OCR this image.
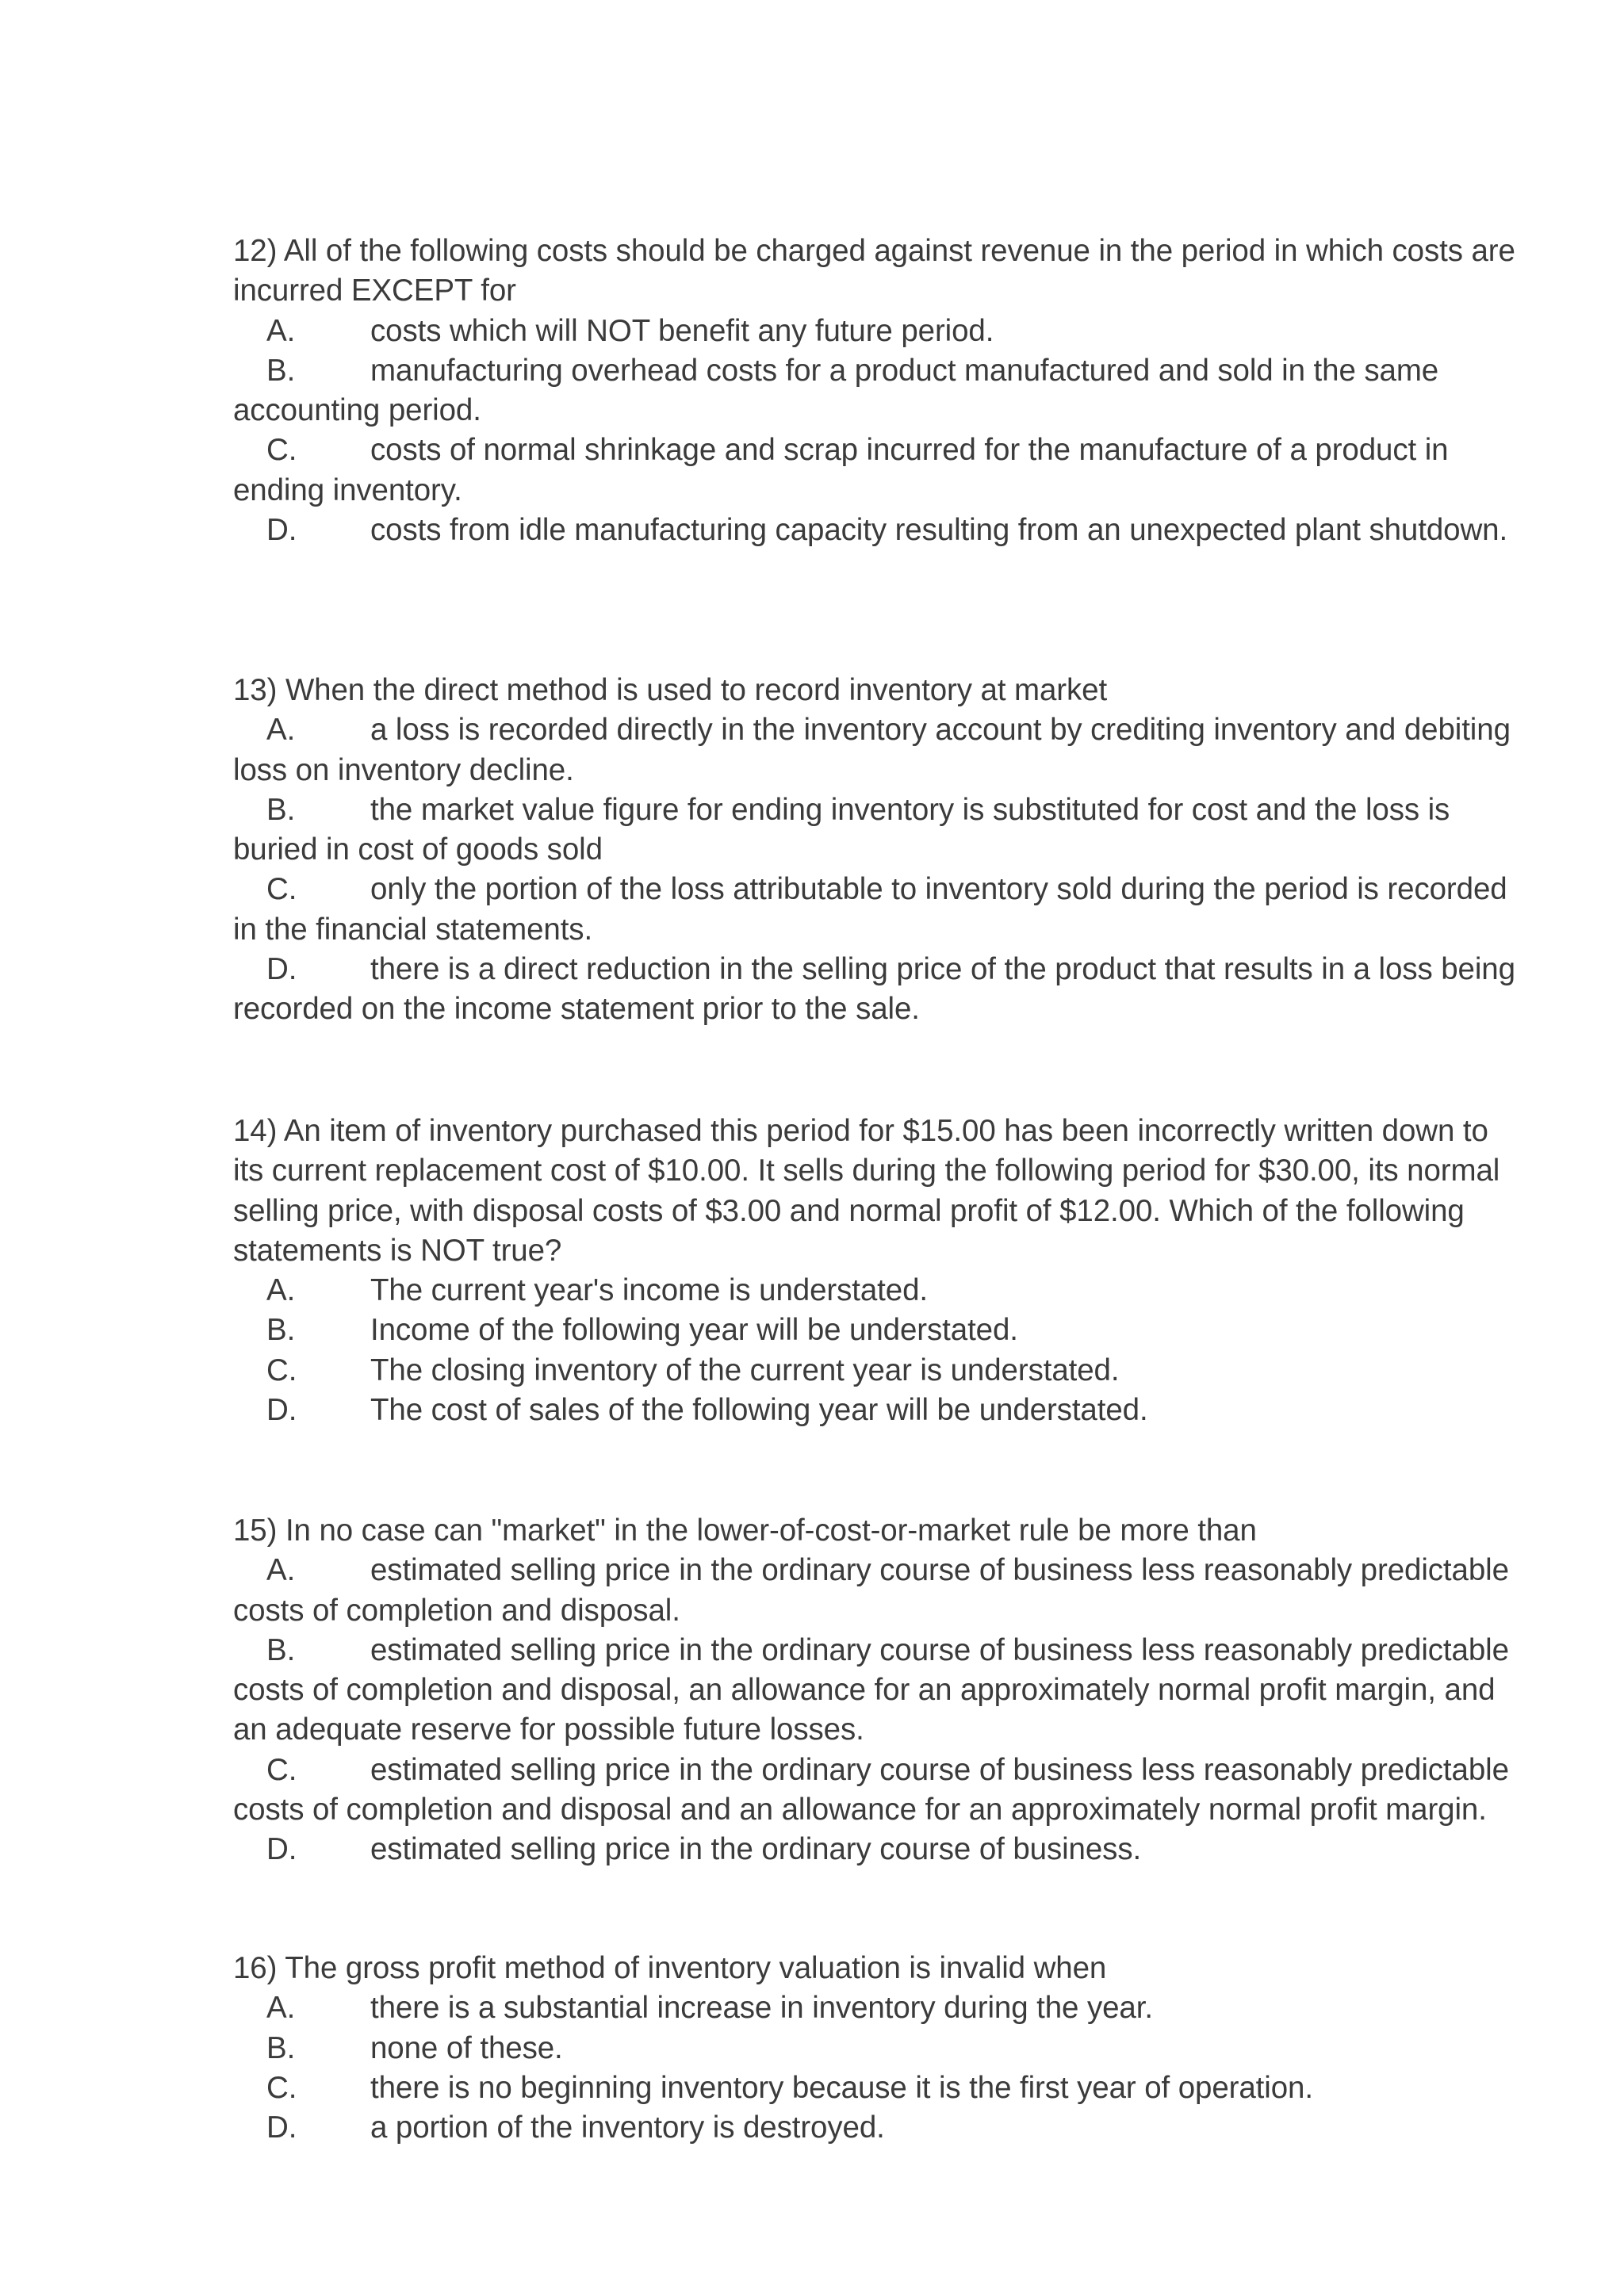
12) All of the following costs should be charged against revenue in the period in which costs are incurred EXCEPT for

A. costs which will NOT benefit any future period.

B. manufacturing overhead costs for a product manufactured and sold in the same accounting period.

C. costs of normal shrinkage and scrap incurred for the manufacture of a product in ending inventory.

D. costs from idle manufacturing capacity resulting from an unexpected plant shutdown.

13) When the direct method is used to record inventory at market

A. a loss is recorded directly in the inventory account by crediting inventory and debiting loss on inventory decline.

B. the market value figure for ending inventory is substituted for cost and the loss is buried in cost of goods sold

C. only the portion of the loss attributable to inventory sold during the period is recorded in the financial statements.

D. there is a direct reduction in the selling price of the product that results in a loss being recorded on the income statement prior to the sale.

14) An item of inventory purchased this period for $15.00 has been incorrectly written down to its current replacement cost of $10.00. It sells during the following period for $30.00, its normal selling price, with disposal costs of $3.00 and normal profit of $12.00. Which of the following statements is NOT true?

A. The current year's income is understated.

B. Income of the following year will be understated.

C. The closing inventory of the current year is understated.

D. The cost of sales of the following year will be understated.

15) In no case can "market" in the lower-of-cost-or-market rule be more than

A. estimated selling price in the ordinary course of business less reasonably predictable costs of completion and disposal.

B. estimated selling price in the ordinary course of business less reasonably predictable costs of completion and disposal, an allowance for an approximately normal profit margin, and an adequate reserve for possible future losses.

C. estimated selling price in the ordinary course of business less reasonably predictable costs of completion and disposal and an allowance for an approximately normal profit margin.

D. estimated selling price in the ordinary course of business.

16) The gross profit method of inventory valuation is invalid when

A. there is a substantial increase in inventory during the year.

B. none of these.

C. there is no beginning inventory because it is the first year of operation.

D. a portion of the inventory is destroyed.
